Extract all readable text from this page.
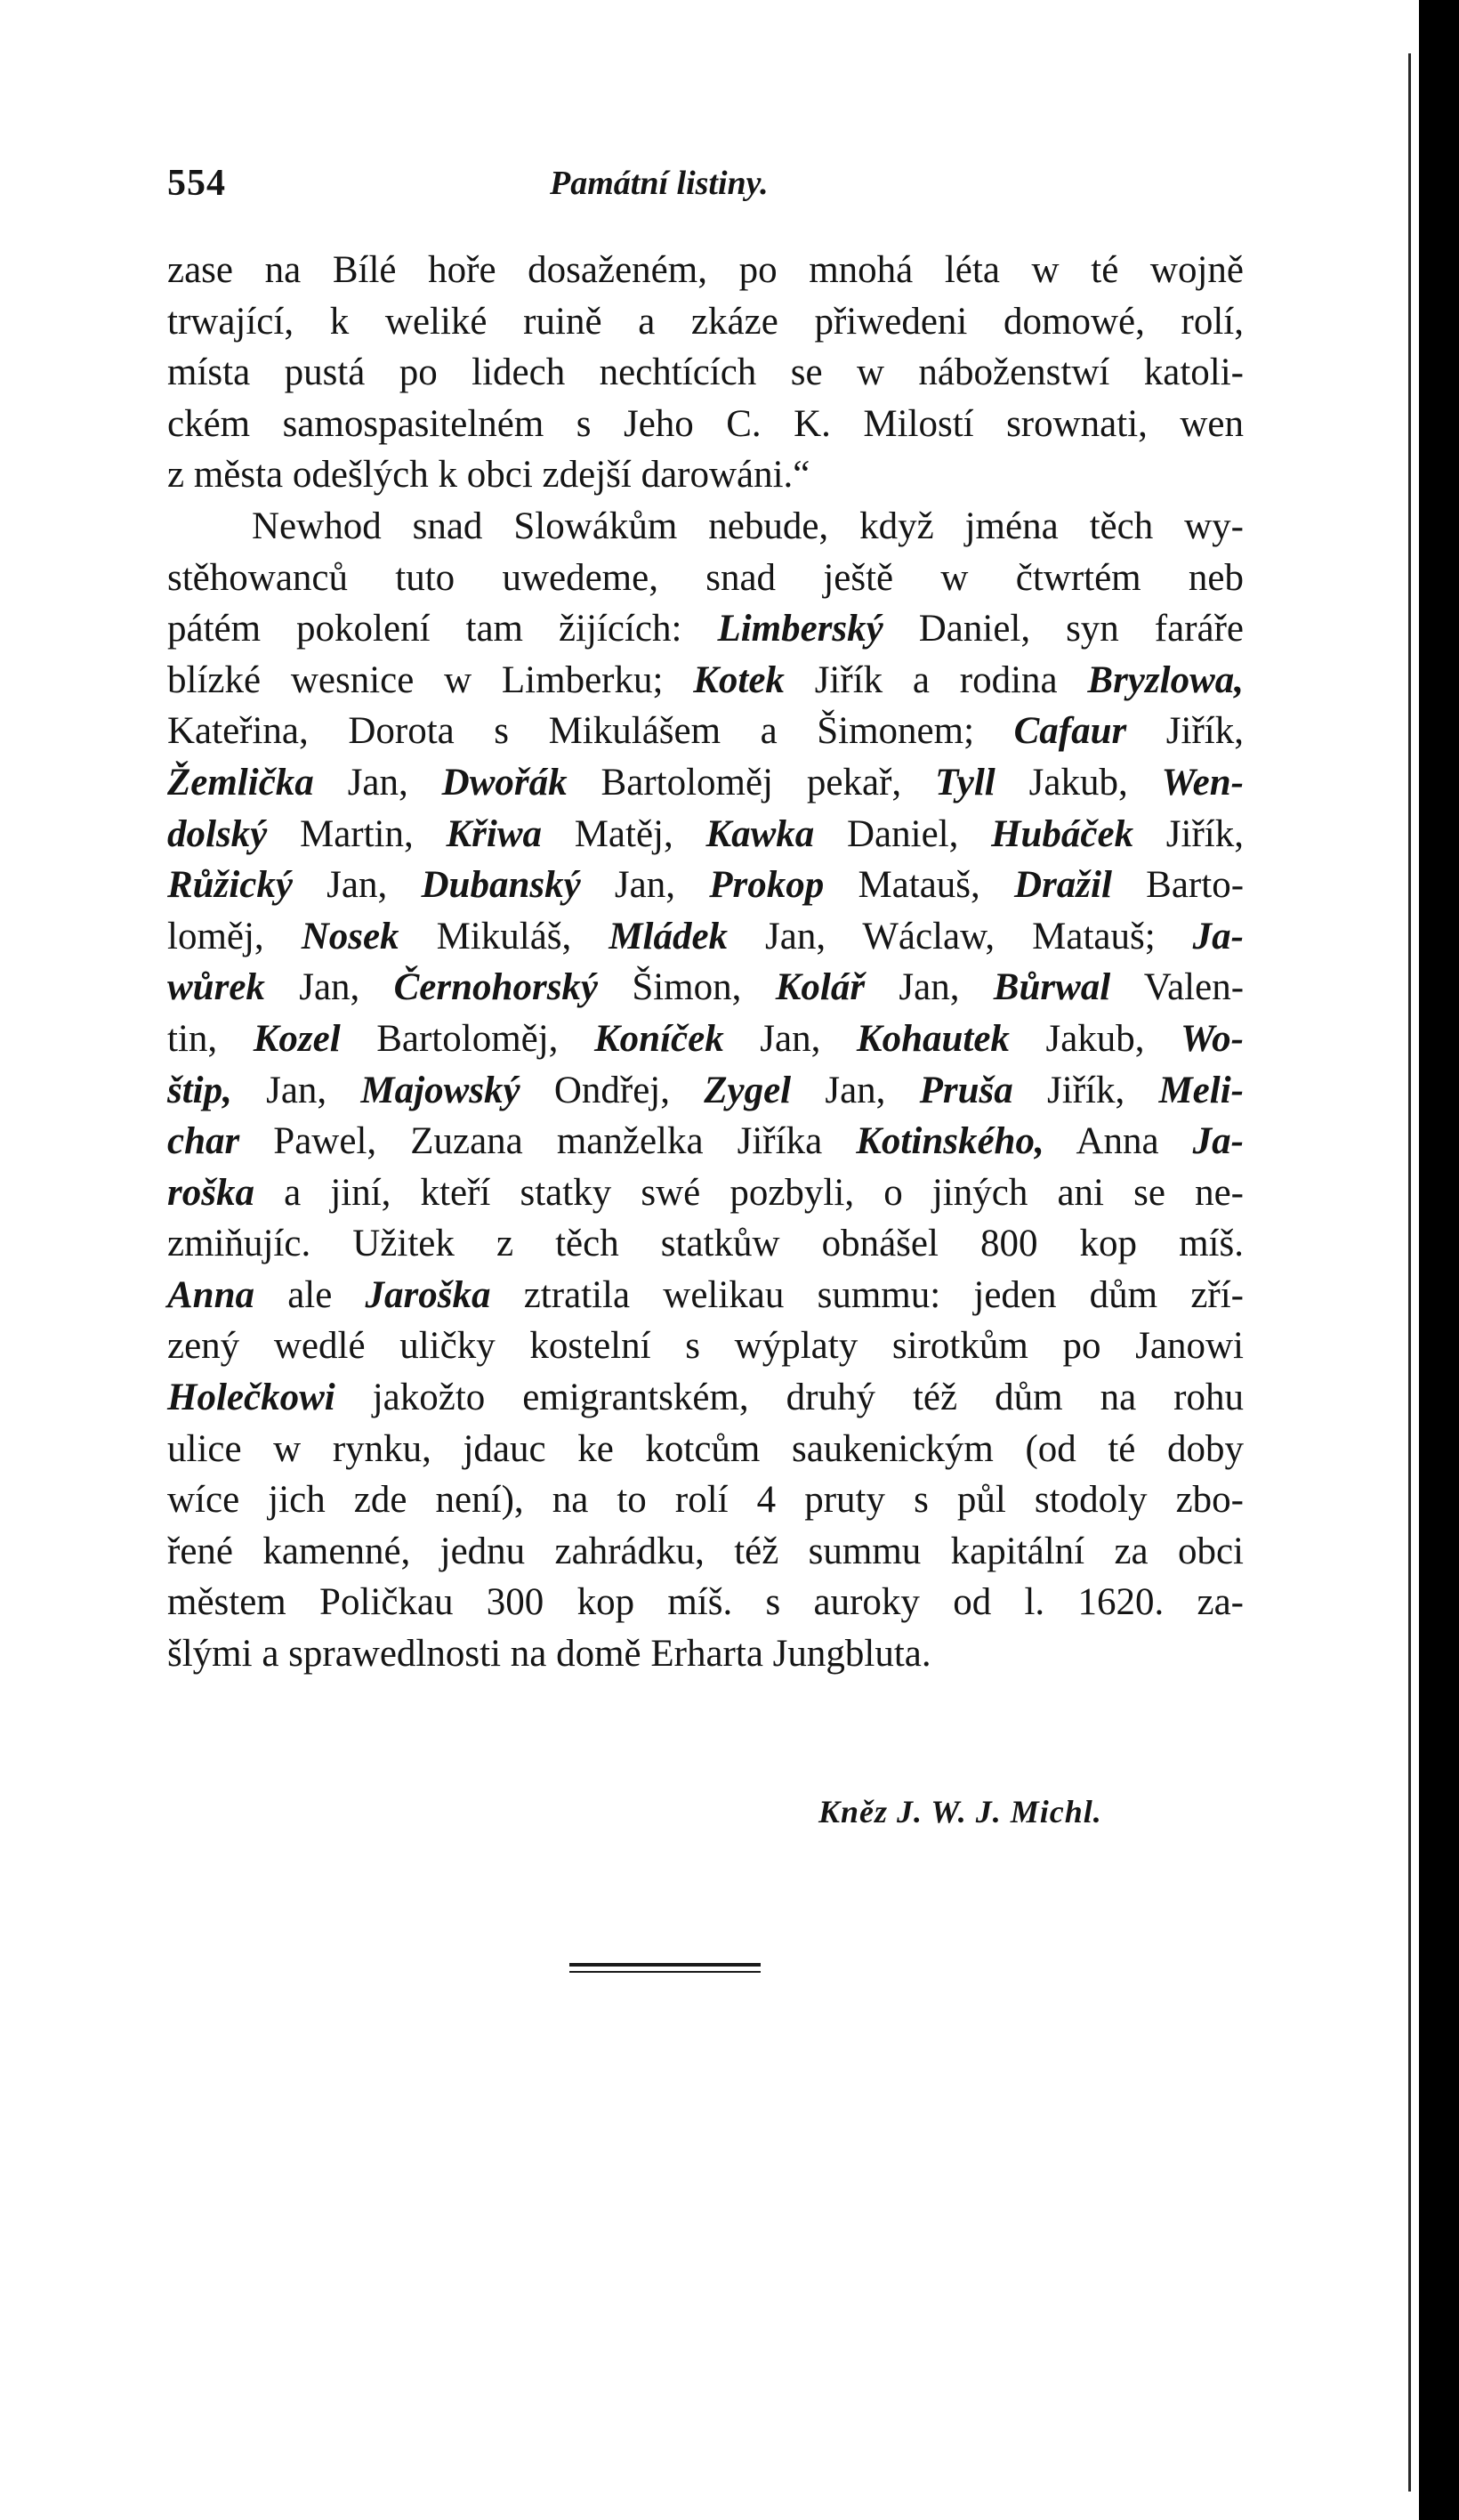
554	Památní listiny.
zase na Bílé hoře dosaženém, po mnohá léta w té wojně
trwající, k weliké ruině a zkáze přiwedeni domowé, rolí,
místa pustá po lidech nechtících se w náboženstwí katoli-
ckém samospasitelném s Jeho C. K. Milostí srownati, wen
z města odešlých k obci zdejší darowáni.“
Newhod snad Slowákům nebude, když jména těch wy-
stěhowanců tuto uwedeme, snad ještě w čtwrtém neb
pátém pokolení tam žijících: Limberský Daniel, syn faráře
blízké wesnice w Limberku; Kotek Jiřík a rodina Bryzlowa,
Kateřina, Dorota s Mikulášem a Šimonem; Cafaur Jiřík,
Žemlička Jan, Dwořák Bartoloměj pekař, Tyll Jakub, Wen-
dolský Martin, Křiwa Matěj, Kawka Daniel, Hubáček Jiřík,
Růžický Jan, Dubanský Jan, Prokop Matauš, Dražil Barto-
loměj, Nosek Mikuláš, Mládek Jan, Wáclaw, Matauš; Ja-
wůrek Jan, Černohorský Šimon, Kolář Jan, Bůrwal Valen-
tin, Kozel Bartoloměj, Koníček Jan, Kohautek Jakub, Wo-
štip, Jan, Majowský Ondřej, Zygel Jan, Pruša Jiřík, Meli-
char Pawel, Zuzana manželka Jiříka Kotinského, Anna Ja-
roška a jiní, kteří statky swé pozbyli, o jiných ani se ne-
zmiňujíc. Užitek z těch statkůw obnášel 800 kop míš.
Anna ale Jaroška ztratila welikau summu: jeden dům zří-
zený wedlé uličky kostelní s wýplaty sirotkům po Janowi
Holečkowi jakožto emigrantském, druhý též dům na rohu
ulice w rynku, jdauc ke kotcům saukenickým (od té doby
wíce jich zde není), na to rolí 4 pruty s půl stodoly zbo-
řené kamenné, jednu zahrádku, též summu kapitální za obci
městem Poličkau 300 kop míš. s auroky od l. 1620. za-
šlými a sprawedlnosti na domě Erharta Jungbluta.
Kněz J. W. J. Michl.
